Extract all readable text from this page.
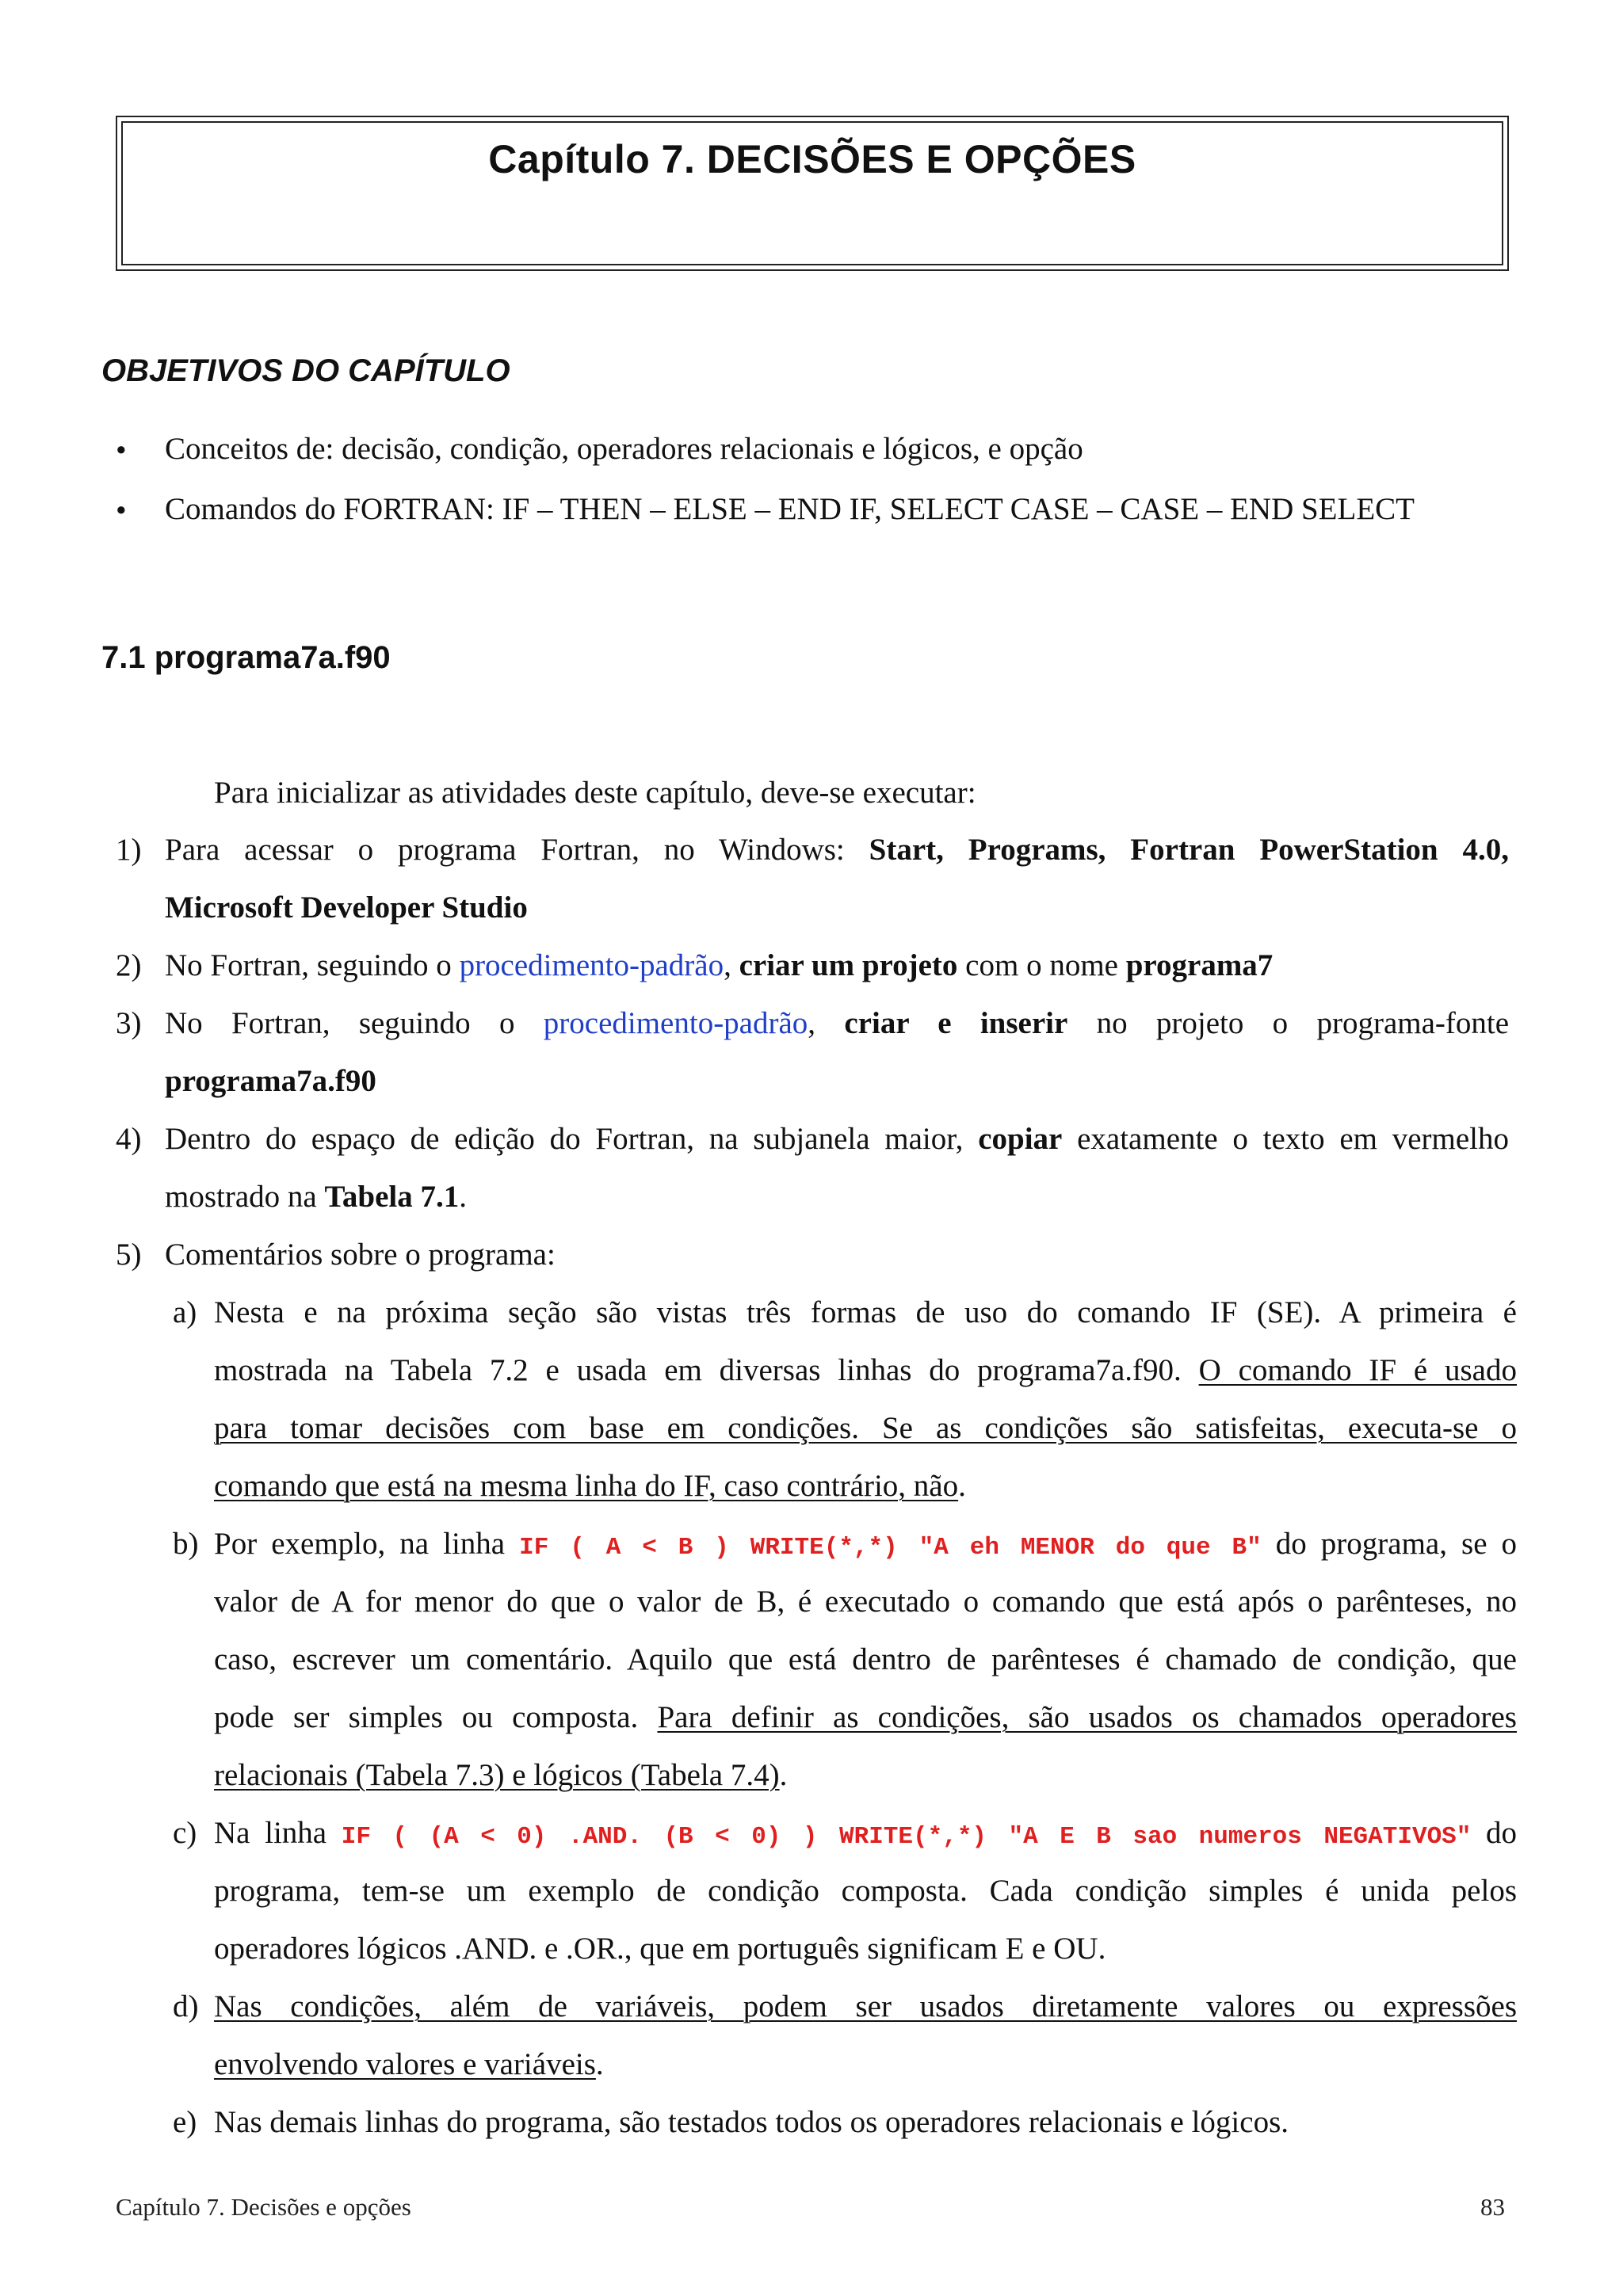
Capítulo 7. DECISÕES E OPÇÕES
OBJETIVOS DO CAPÍTULO
• Conceitos de: decisão, condição, operadores relacionais e lógicos, e opção
• Comandos do FORTRAN: IF – THEN – ELSE – END IF, SELECT CASE – CASE – END SELECT
7.1 programa7a.f90
Para inicializar as atividades deste capítulo, deve-se executar:
1) Para acessar o programa Fortran, no Windows: Start, Programs, Fortran PowerStation 4.0,
Microsoft Developer Studio
2) No Fortran, seguindo o procedimento-padrão, criar um projeto com o nome programa7
3) No Fortran, seguindo o procedimento-padrão, criar e inserir no projeto o programa-fonte
programa7a.f90
4) Dentro do espaço de edição do Fortran, na subjanela maior, copiar exatamente o texto em vermelho
mostrado na Tabela 7.1.
5) Comentários sobre o programa:
a) Nesta e na próxima seção são vistas três formas de uso do comando IF (SE). A primeira é
mostrada na Tabela 7.2 e usada em diversas linhas do programa7a.f90. O comando IF é usado
para tomar decisões com base em condições. Se as condições são satisfeitas, executa-se o
comando que está na mesma linha do IF, caso contrário, não.
b) Por exemplo, na linha IF ( A < B ) WRITE(*,*) "A eh MENOR do que B" do programa, se o
valor de A for menor do que o valor de B, é executado o comando que está após o parênteses, no
caso, escrever um comentário. Aquilo que está dentro de parênteses é chamado de condição, que
pode ser simples ou composta. Para definir as condições, são usados os chamados operadores
relacionais (Tabela 7.3) e lógicos (Tabela 7.4).
c) Na linha IF ( (A < 0) .AND. (B < 0) ) WRITE(*,*) "A E B sao numeros NEGATIVOS" do
programa, tem-se um exemplo de condição composta. Cada condição simples é unida pelos
operadores lógicos .AND. e .OR., que em português significam E e OU.
d) Nas condições, além de variáveis, podem ser usados diretamente valores ou expressões
envolvendo valores e variáveis.
e) Nas demais linhas do programa, são testados todos os operadores relacionais e lógicos.
Capítulo 7. Decisões e opções	83
